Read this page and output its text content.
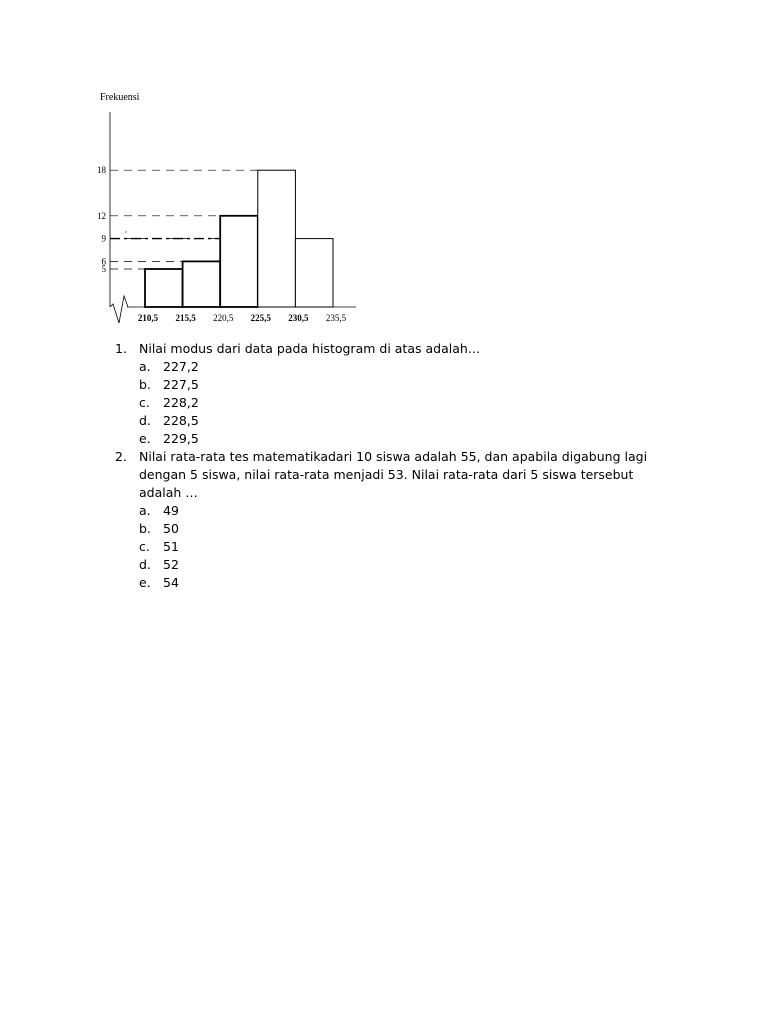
Frekuensi
5
6
9
12
18
210,5 215,5 220,5 225,5 230,5 235,5
1. Nilai modus dari data pada histogram di atas adalah…
a. 227,2
b. 227,5
c. 228,2
d. 228,5
e. 229,5
2. Nilai rata-rata tes matematikadari 10 siswa adalah 55, dan apabila digabung lagi dengan 5 siswa, nilai rata-rata menjadi 53. Nilai rata-rata dari 5 siswa tersebut adalah …
a. 49
b. 50
c. 51
d. 52
e. 54
